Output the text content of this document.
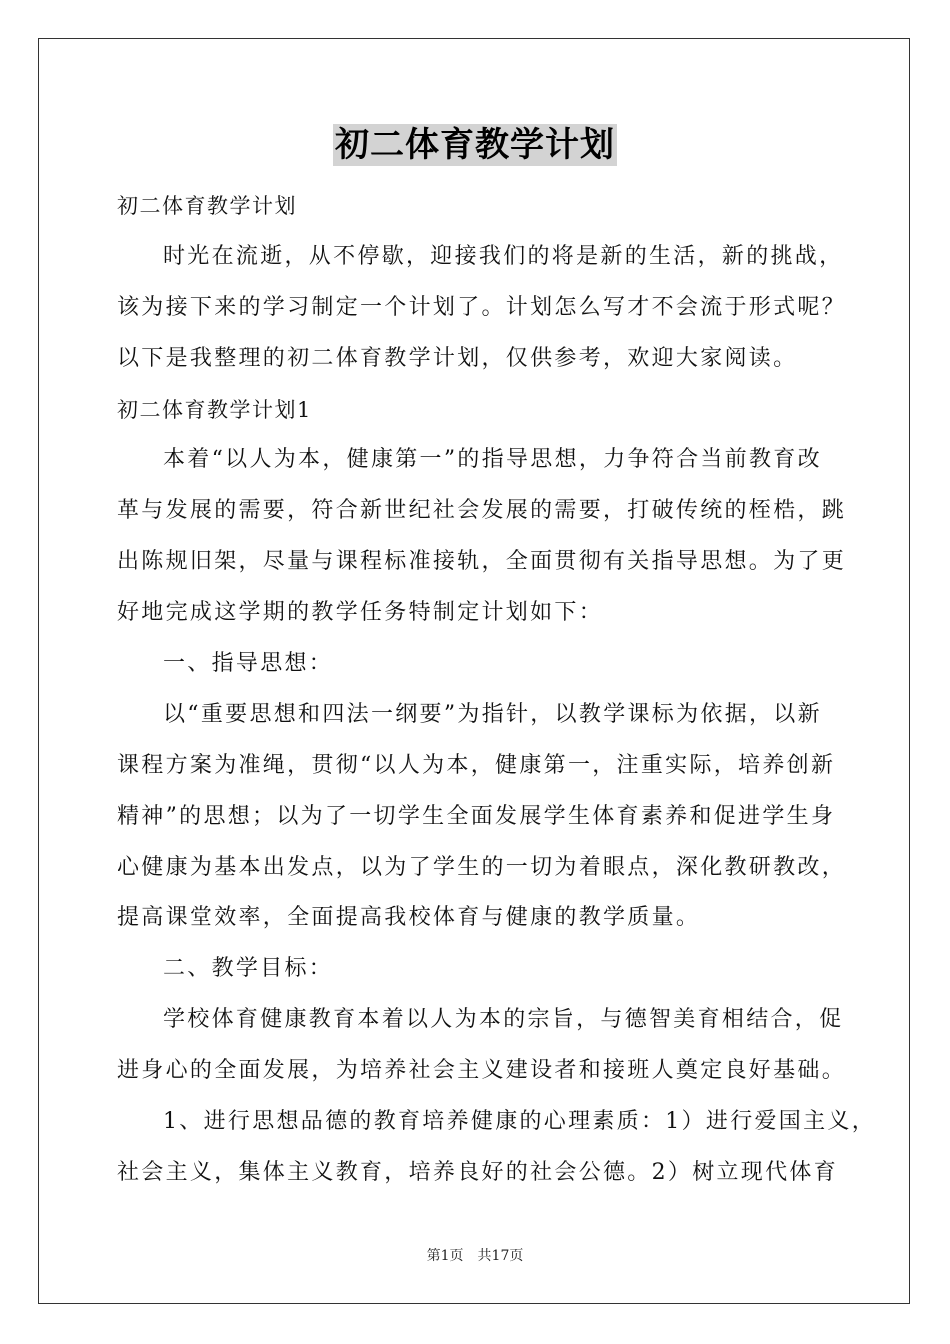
初二体育教学计划
初二体育教学计划
时光在流逝，从不停歇，迎接我们的将是新的生活，新的挑战，
该为接下来的学习制定一个计划了。计划怎么写才不会流于形式呢？
以下是我整理的初二体育教学计划，仅供参考，欢迎大家阅读。
初二体育教学计划1
本着“以人为本，健康第一”的指导思想，力争符合当前教育改
革与发展的需要，符合新世纪社会发展的需要，打破传统的桎梏，跳
出陈规旧架，尽量与课程标准接轨，全面贯彻有关指导思想。为了更
好地完成这学期的教学任务特制定计划如下：
一、指导思想：
以“重要思想和四法一纲要”为指针，以教学课标为依据，以新
课程方案为准绳，贯彻“以人为本，健康第一，注重实际，培养创新
精神”的思想；以为了一切学生全面发展学生体育素养和促进学生身
心健康为基本出发点，以为了学生的一切为着眼点，深化教研教改，
提高课堂效率，全面提高我校体育与健康的教学质量。
二、教学目标：
学校体育健康教育本着以人为本的宗旨，与德智美育相结合，促
进身心的全面发展，为培养社会主义建设者和接班人奠定良好基础。
1、进行思想品德的教育培养健康的心理素质：1）进行爱国主义，
社会主义，集体主义教育，培养良好的社会公德。2）树立现代体育
第1页 共17页
